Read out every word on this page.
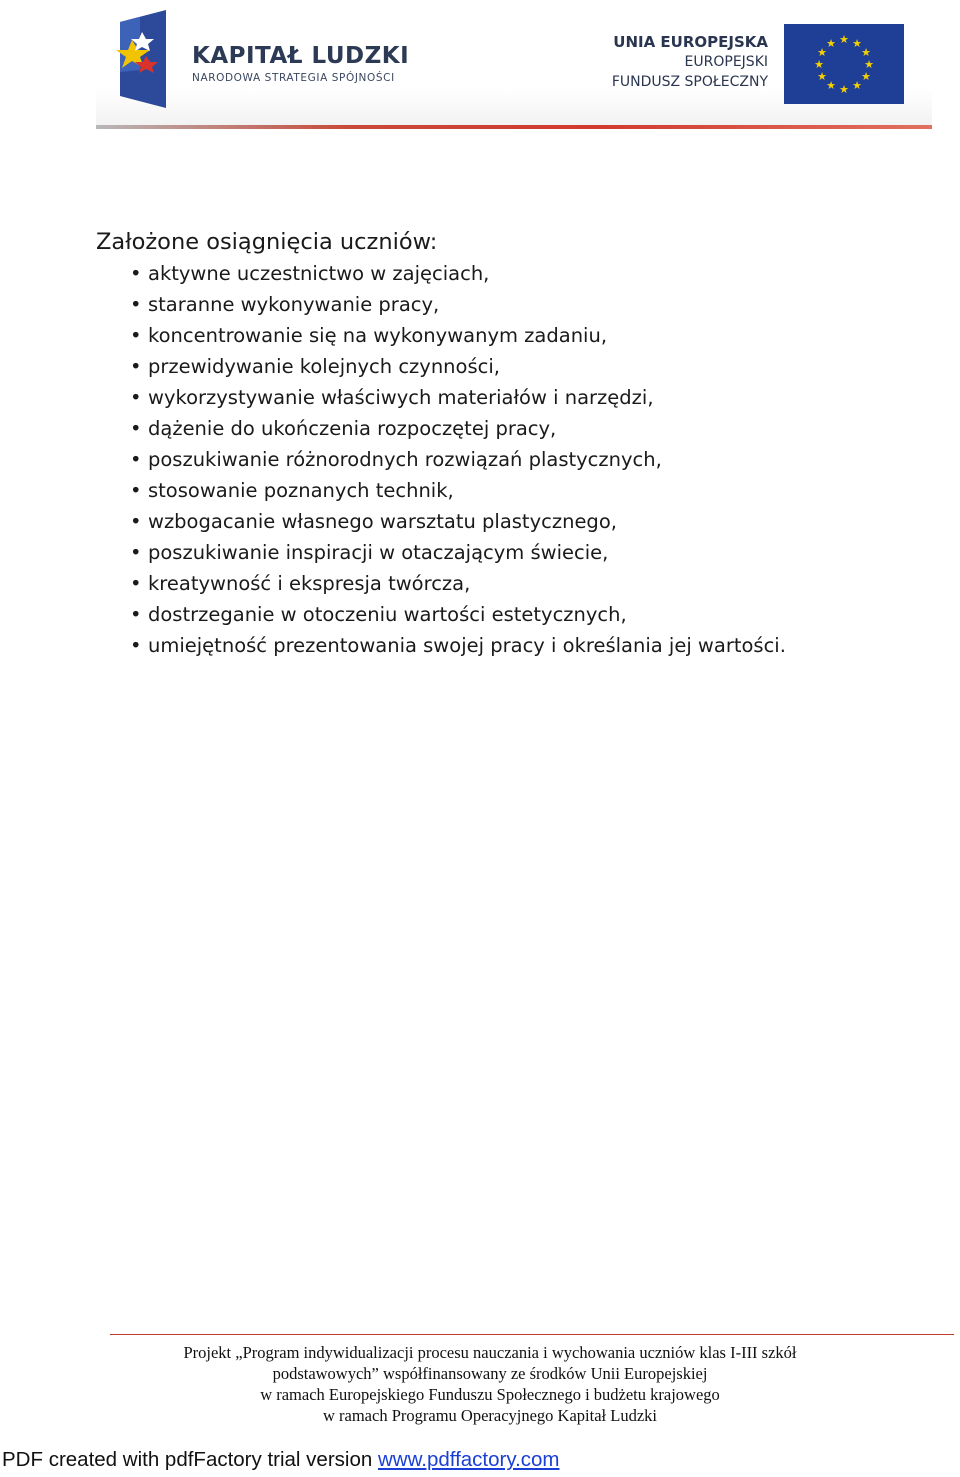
KAPITAŁ LUDZKI
NARODOWA STRATEGIA SPÓJNOŚCI
UNIA EUROPEJSKA
EUROPEJSKI
FUNDUSZ SPOŁECZNY
★ ★
★
★
★
★
★
★
★
★
★
★
Założone osiągnięcia uczniów:
• aktywne uczestnictwo w zajęciach,
• staranne wykonywanie pracy,
• koncentrowanie się na wykonywanym zadaniu,
• przewidywanie kolejnych czynności,
• wykorzystywanie właściwych materiałów i narzędzi,
• dążenie do ukończenia rozpoczętej pracy,
• poszukiwanie różnorodnych rozwiązań plastycznych,
• stosowanie poznanych technik,
• wzbogacanie własnego warsztatu plastycznego,
• poszukiwanie inspiracji w otaczającym świecie,
• kreatywność i ekspresja twórcza,
• dostrzeganie w otoczeniu wartości estetycznych,
• umiejętność prezentowania swojej pracy i określania jej wartości.
Projekt „Program indywidualizacji procesu nauczania i wychowania uczniów klas I-III szkół
podstawowych” współfinansowany ze środków Unii Europejskiej
w ramach Europejskiego Funduszu Społecznego i budżetu krajowego
w ramach Programu Operacyjnego Kapitał Ludzki
PDF created with pdfFactory trial version www.pdffactory.com
